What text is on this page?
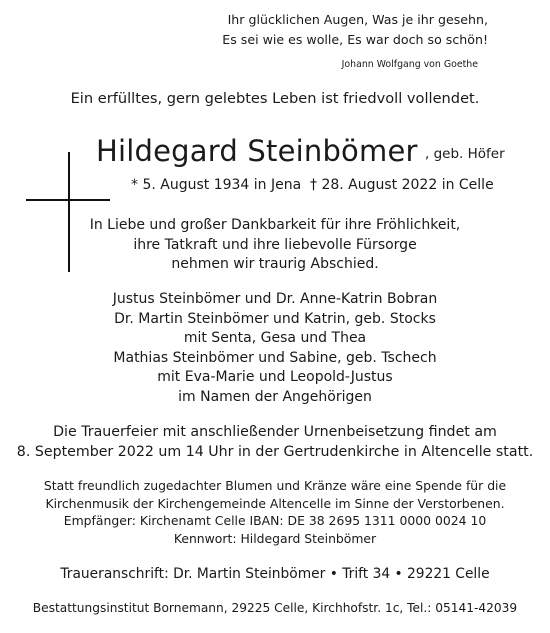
Ihr glücklichen Augen, Was je ihr gesehn,
Es sei wie es wolle, Es war doch so schön!
Johann Wolfgang von Goethe
Ein erfülltes, gern gelebtes Leben ist friedvoll vollendet.
Hildegard Steinbömer , geb. Höfer
* 5. August 1934 in Jena † 28. August 2022 in Celle
In Liebe und großer Dankbarkeit für ihre Fröhlichkeit,
ihre Tatkraft und ihre liebevolle Fürsorge
nehmen wir traurig Abschied.
Justus Steinbömer und Dr. Anne-Katrin Bobran
Dr. Martin Steinbömer und Katrin, geb. Stocks
mit Senta, Gesa und Thea
Mathias Steinbömer und Sabine, geb. Tschech
mit Eva-Marie und Leopold-Justus
im Namen der Angehörigen
Die Trauerfeier mit anschließender Urnenbeisetzung findet am
8. September 2022 um 14 Uhr in der Gertrudenkirche in Altencelle statt.
Statt freundlich zugedachter Blumen und Kränze wäre eine Spende für die
Kirchenmusik der Kirchengemeinde Altencelle im Sinne der Verstorbenen.
Empfänger: Kirchenamt Celle IBAN: DE 38 2695 1311 0000 0024 10
Kennwort: Hildegard Steinbömer
Traueranschrift: Dr. Martin Steinbömer • Trift 34 • 29221 Celle
Bestattungsinstitut Bornemann, 29225 Celle, Kirchhofstr. 1c, Tel.: 05141-42039
